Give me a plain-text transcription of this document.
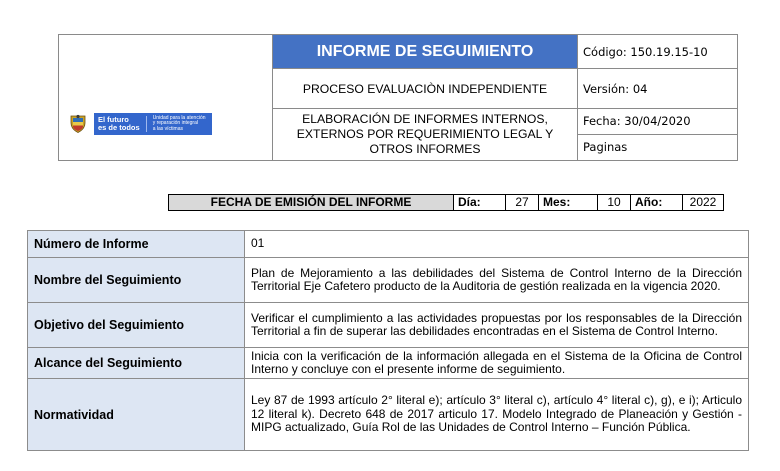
El futuro
es de todos
Unidad para la atención
y reparación integral
a las víctimas	INFORME DE SEGUIMIENTO	Código: 150.19.15-10
	PROCESO EVALUACIÒN INDEPENDIENTE	Versión: 04

	ELABORACIÓN DE INFORMES INTERNOS,
EXTERNOS POR REQUERIMIENTO LEGAL Y
OTROS INFORMES	Fecha: 30/04/2020
		Paginas
FECHA DE EMISIÓN DEL INFORME	Día:	27	Mes:	10	Año:	2022
Número de Informe	01
Nombre del Seguimiento	Plan de Mejoramiento a las debilidades del Sistema de Control Interno de la Dirección Territorial Eje Cafetero producto de la Auditoria de gestión realizada en la vigencia 2020.
Objetivo del Seguimiento	Verificar el cumplimiento a las actividades propuestas por los responsables de la Dirección Territorial a fin de superar las debilidades encontradas en el Sistema de Control Interno.
Alcance del Seguimiento	Inicia con la verificación de la información allegada en el Sistema de la Oficina de Control Interno y concluye con el presente informe de seguimiento.
Normatividad	Ley 87 de 1993 artículo 2° literal e); artículo 3° literal c), artículo 4° literal c), g), e i); Articulo 12 literal k). Decreto 648 de 2017 articulo 17. Modelo Integrado de Planeación y Gestión - MIPG actualizado, Guía Rol de las Unidades de Control Interno – Función Pública.
